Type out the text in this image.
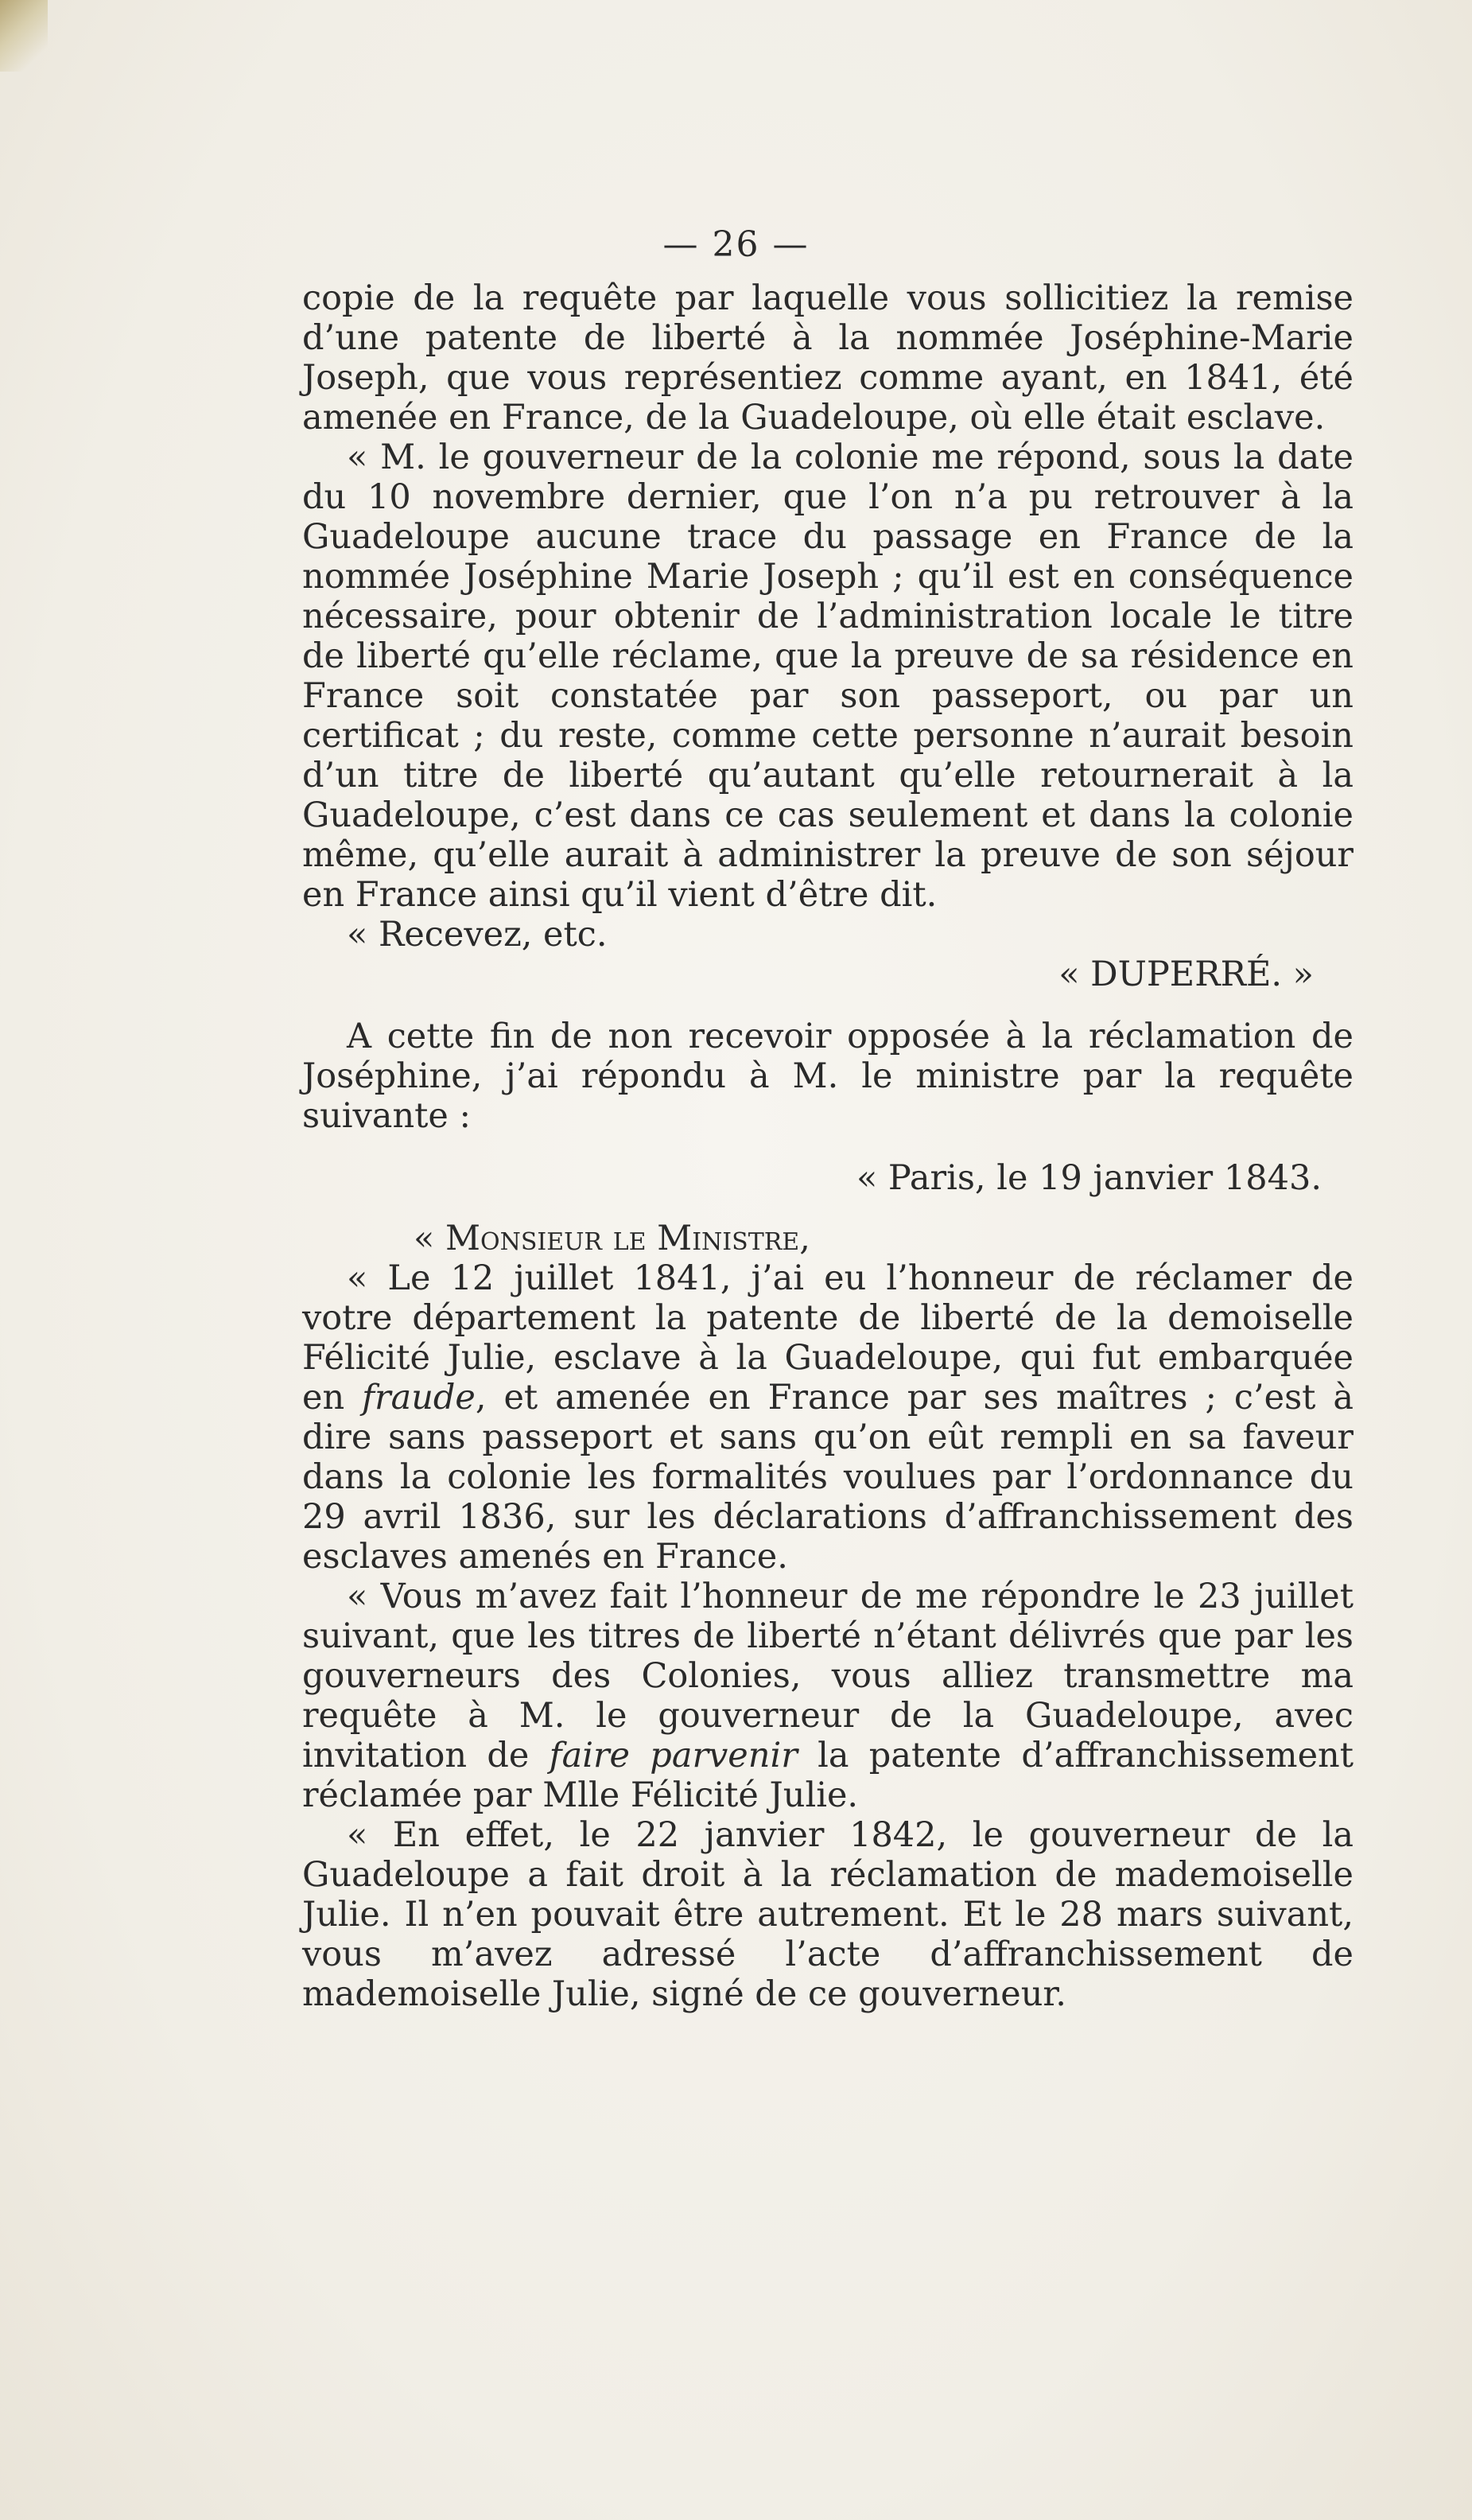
— 26 —

copie de la requête par laquelle vous sollicitiez la remise d’une patente de liberté à la nommée Joséphine-Marie Joseph, que vous représentiez comme ayant, en 1841, été amenée en France, de la Guadeloupe, où elle était esclave.

« M. le gouverneur de la colonie me répond, sous la date du 10 novembre dernier, que l’on n’a pu retrouver à la Guadeloupe aucune trace du passage en France de la nommée Joséphine Marie Joseph ; qu’il est en conséquence nécessaire, pour obtenir de l’administration locale le titre de liberté qu’elle réclame, que la preuve de sa résidence en France soit constatée par son passeport, ou par un certificat ; du reste, comme cette personne n’aurait besoin d’un titre de liberté qu’autant qu’elle retournerait à la Guadeloupe, c’est dans ce cas seulement et dans la colonie même, qu’elle aurait à administrer la preuve de son séjour en France ainsi qu’il vient d’être dit.

« Recevez, etc.

« DUPERRÉ. »

A cette fin de non recevoir opposée à la réclamation de Joséphine, j’ai répondu à M. le ministre par la requête suivante :

« Paris, le 19 janvier 1843.

« Monsieur le Ministre,

« Le 12 juillet 1841, j’ai eu l’honneur de réclamer de votre département la patente de liberté de la demoiselle Félicité Julie, esclave à la Guadeloupe, qui fut embarquée en fraude, et amenée en France par ses maîtres ; c’est à dire sans passeport et sans qu’on eût rempli en sa faveur dans la colonie les formalités voulues par l’ordonnance du 29 avril 1836, sur les déclarations d’affranchissement des esclaves amenés en France.

« Vous m’avez fait l’honneur de me répondre le 23 juillet suivant, que les titres de liberté n’étant délivrés que par les gouverneurs des Colonies, vous alliez transmettre ma requête à M. le gouverneur de la Guadeloupe, avec invitation de faire parvenir la patente d’affranchissement réclamée par Mlle Félicité Julie.

« En effet, le 22 janvier 1842, le gouverneur de la Guadeloupe a fait droit à la réclamation de mademoiselle Julie. Il n’en pouvait être autrement. Et le 28 mars suivant, vous m’avez adressé l’acte d’affranchissement de mademoiselle Julie, signé de ce gouverneur.
